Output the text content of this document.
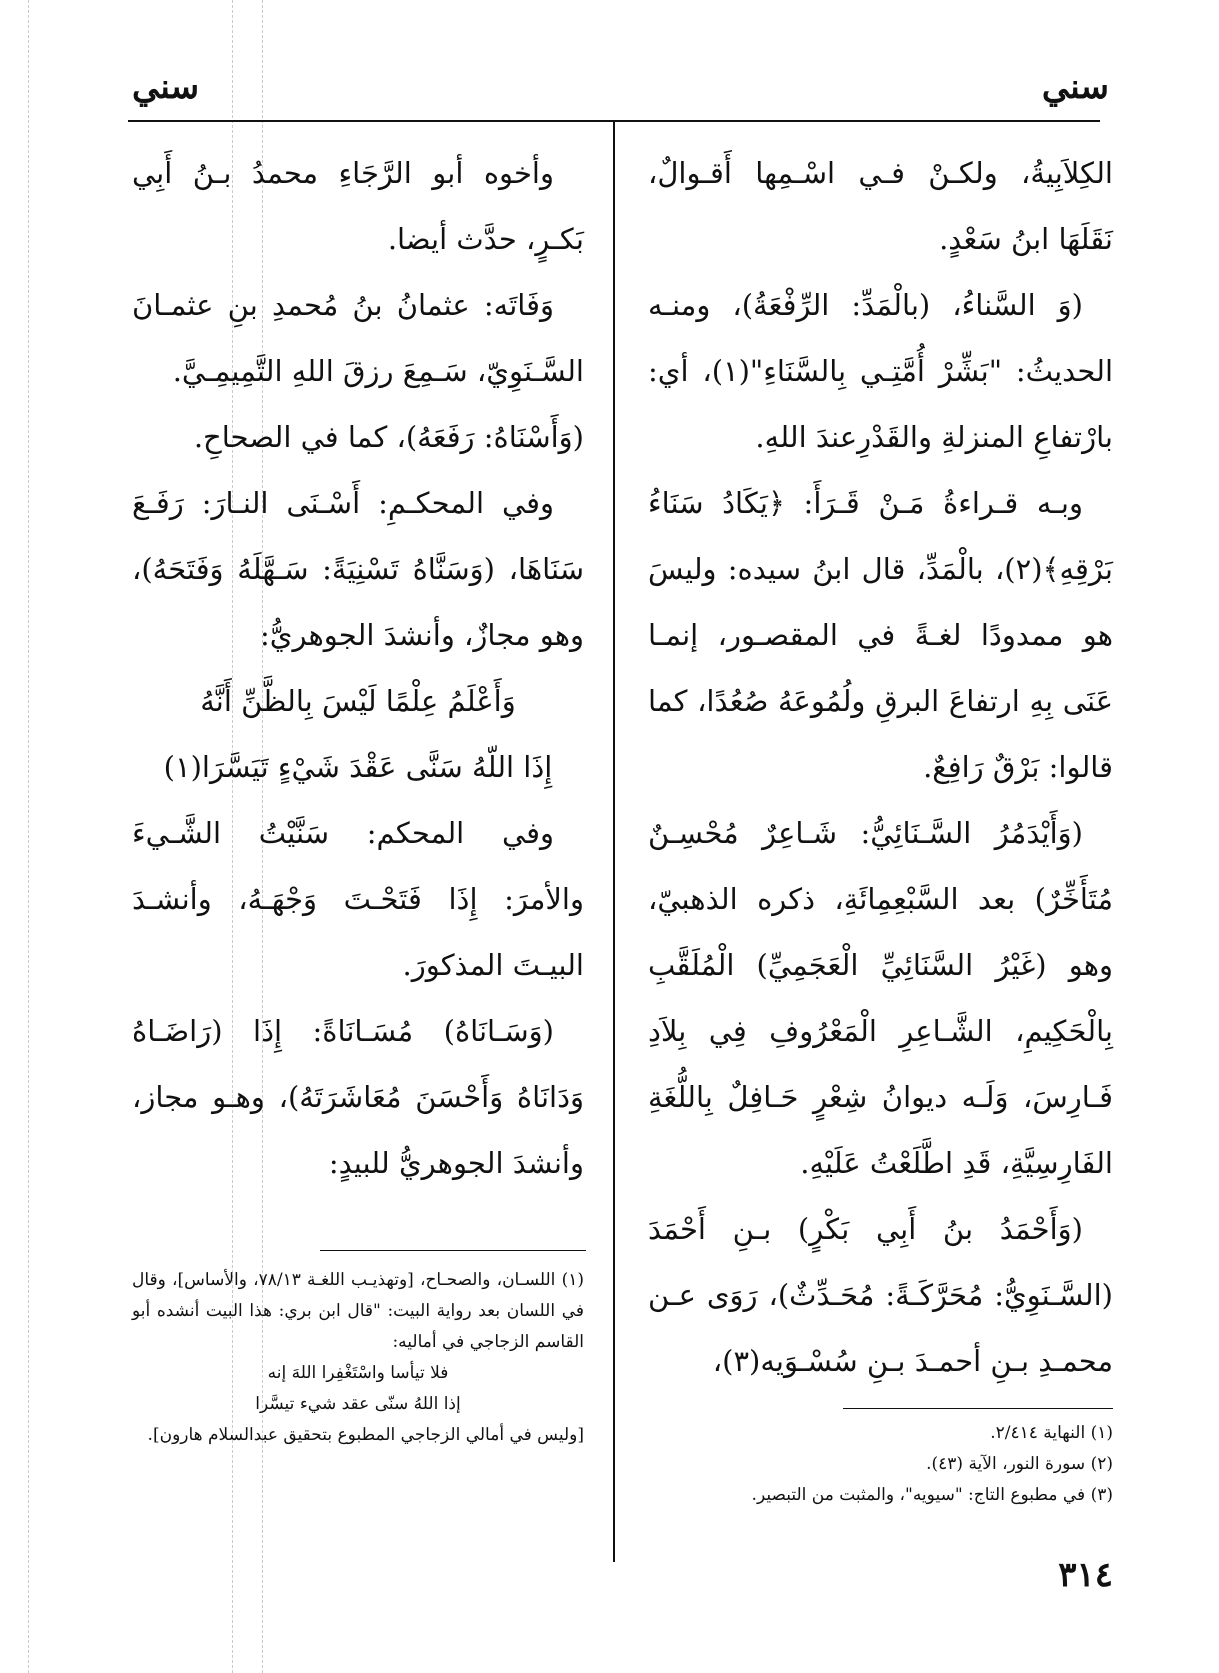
سني
سني

الكِلاَبِيةُ، ولكـنْ فـي اسْـمِها أَقـوالٌ، نَقَلَهَا ابنُ سَعْدٍ.

(وَ السَّناءُ، (بالْمَدِّ: الرِّفْعَةُ)، ومنـه الحديثُ: "بَشِّرْ أُمَّتِـي بِالسَّنَاءِ"(١)، أي: بارْتفاعِ المنزلةِ والقَدْرِعندَ اللهِ.

وبـه قـراءةُ مَـنْ قَـرَأَ: ﴿يَكَادُ سَنَاءُ بَرْقِهِ﴾(٢)، بالْمَدِّ، قال ابنُ سيده: وليسَ هو ممدودًا لغـةً في المقصـور، إنمـا عَنَى بِهِ ارتفاعَ البرقِ ولُمُوعَهُ صُعُدًا، كما قالوا: بَرْقٌ رَافِعٌ.

(وَأَيْدَمُرُ السَّـنَائِيُّ: شَـاعِرٌ مُحْسِـنٌ مُتَأَخِّرٌ) بعد السَّبْعِمِائَةِ، ذكره الذهبيّ، وهو (غَيْرُ السَّنَائِيِّ الْعَجَمِيِّ) الْمُلَقَّبِ بِالْحَكِيمِ، الشَّـاعِرِ الْمَعْرُوفِ فِي بِلاَدِ فَـارِسَ، وَلَـه ديوانُ شِعْرٍ حَـافِلٌ بِاللُّغَةِ الفَارِسِيَّةِ، قَدِ اطَّلَعْتُ عَلَيْهِ.

(وَأَحْمَدُ بنُ أَبِي بَكْرٍ) بـنِ أَحْمَدَ (السَّـنَوِيُّ: مُحَرَّكَـةً: مُحَـدِّثٌ)، رَوَى عـن محمـدِ بـنِ أحمـدَ بـنِ سُسْـوَيه(٣)،

(١) النهاية ٢/٤١٤.

(٢) سورة النور، الآية (٤٣).

(٣) في مطبوع التاج: "سيويه"، والمثبت من التبصير.

وأخوه أبو الرَّجَاءِ محمدُ بـنُ أَبِي بَكـرٍ، حدَّث أيضا.

وَفَاتَه: عثمانُ بنُ مُحمدِ بنِ عثمـانَ السَّـنَوِيّ، سَـمِعَ رزقَ اللهِ التَّمِيمِـيَّ.

(وَأَسْنَاهُ: رَفَعَهُ)، كما في الصحاحِ.

وفي المحكـمِ: أَسْـنَى النـارَ: رَفَـعَ سَنَاهَا، (وَسَنَّاهُ تَسْنِيَةً: سَـهَّلَهُ وَفَتَحَهُ)، وهو مجازٌ، وأنشدَ الجوهريُّ:

وَأَعْلَمُ عِلْمًا لَيْسَ بِالظَّنِّ أَنَّهُ

إِذَا اللّهُ سَنَّى عَقْدَ شَيْءٍ تَيَسَّرَا(١)

وفي المحكم: سَنَّيْتُ الشَّـيءَ والأمرَ: إِذَا فَتَحْـتَ وَجْهَـهُ، وأنشـدَ البيـتَ المذكورَ.

(وَسَـانَاهُ) مُسَـانَاةً: إِذَا (رَاضَـاهُ وَدَانَاهُ وَأَحْسَنَ مُعَاشَرَتَهُ)، وهـو مجاز، وأنشدَ الجوهريُّ للبيدٍ:

(١) اللسـان، والصحـاح، [وتهذيـب اللغـة ٧٨/١٣، والأساس]، وقال في اللسان بعد رواية البيت: "قال ابن بري: هذا البيت أنشده أبو القاسم الزجاجي في أماليه:

فلا تيأسا واسْتَغْفِرا اللهَ إنه

إذا اللهُ سنّى عقد شيء تيسَّرا

[وليس في أمالي الزجاجي المطبوع بتحقيق عبدالسلام هارون].

٣١٤
